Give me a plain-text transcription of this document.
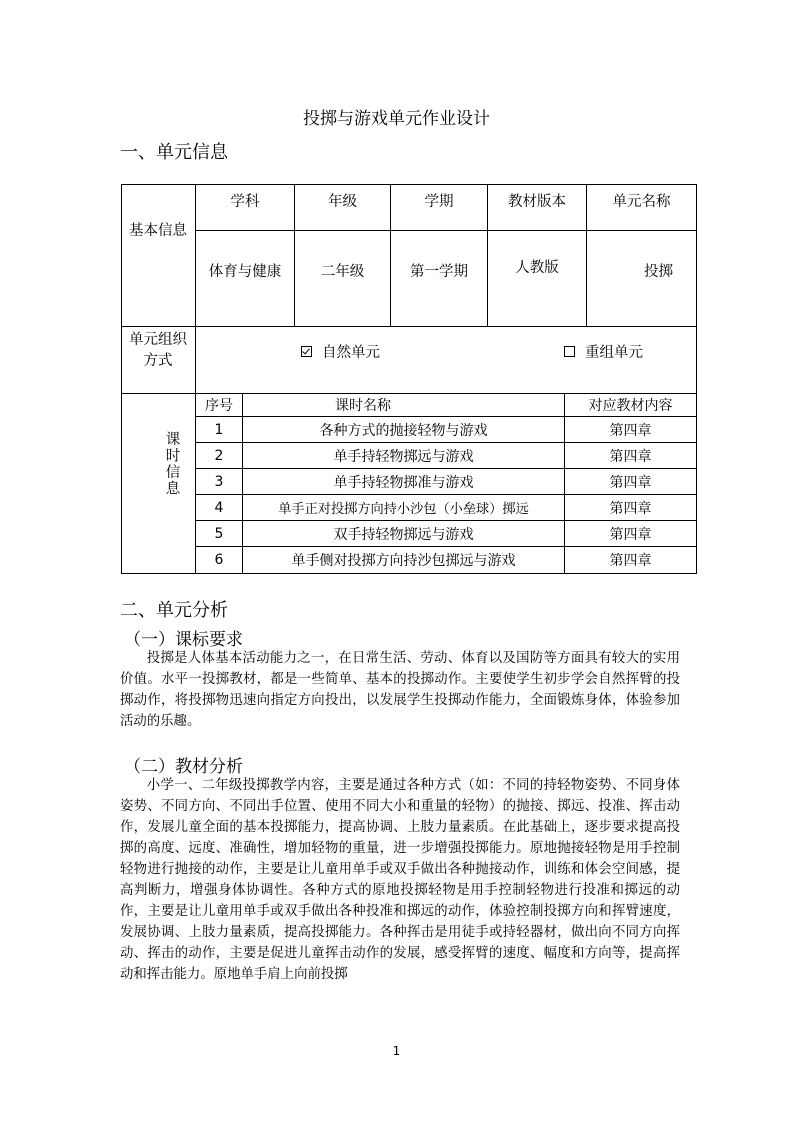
投掷与游戏单元作业设计
一、单元信息
基本信息
学科	年级	学期	教材版本	单元名称
体育与健康	二年级	第一学期	人教版	投掷
单元组织方式
自然单元	重组单元
课时信息
序号	课时名称	对应教材内容
1	各种方式的抛接轻物与游戏	第四章
2	单手持轻物掷远与游戏	第四章
3	单手持轻物掷准与游戏	第四章
4	单手正对投掷方向持小沙包（小垒球）掷远	第四章
5	双手持轻物掷远与游戏	第四章
6	单手侧对投掷方向持沙包掷远与游戏	第四章
二、单元分析
（一）课标要求

投掷是人体基本活动能力之一，在日常生活、劳动、体育以及国防等方面具有较大的实用价值。水平一投掷教材，都是一些简单、基本的投掷动作。主要使学生初步学会自然挥臂的投掷动作，将投掷物迅速向指定方向投出，以发展学生投掷动作能力，全面锻炼身体，体验参加活动的乐趣。

（二）教材分析

小学一、二年级投掷教学内容，主要是通过各种方式（如：不同的持轻物姿势、不同身体姿势、不同方向、不同出手位置、使用不同大小和重量的轻物）的抛接、掷远、投准、挥击动作，发展儿童全面的基本投掷能力，提高协调、上肢力量素质。在此基础上，逐步要求提高投掷的高度、远度、准确性，增加轻物的重量，进一步增强投掷能力。原地抛接轻物是用手控制轻物进行抛接的动作，主要是让儿童用单手或双手做出各种抛接动作，训练和体会空间感，提高判断力，增强身体协调性。各种方式的原地投掷轻物是用手控制轻物进行投准和掷远的动作，主要是让儿童用单手或双手做出各种投准和掷远的动作，体验控制投掷方向和挥臂速度，发展协调、上肢力量素质，提高投掷能力。各种挥击是用徒手或持轻器材，做出向不同方向挥动、挥击的动作，主要是促进儿童挥击动作的发展，感受挥臂的速度、幅度和方向等，提高挥动和挥击能力。原地单手肩上向前投掷

1
